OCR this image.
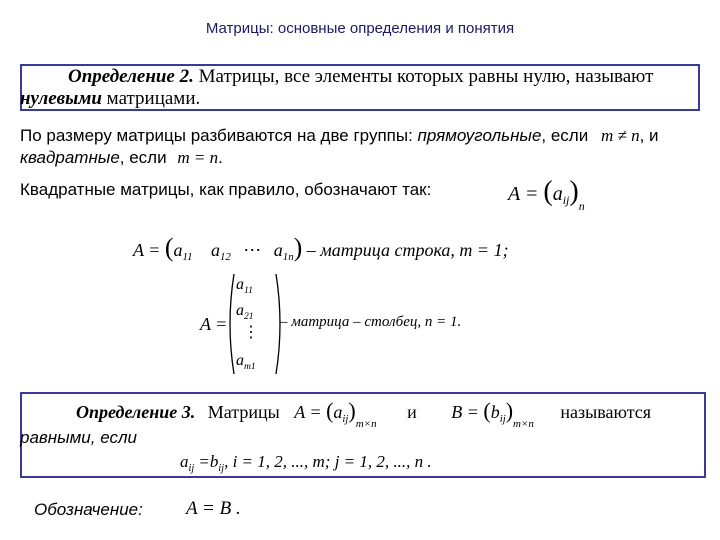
Матрицы: основные определения и понятия
Определение 2. Матрицы, все элементы которых равны нулю, называют
нулевыми матрицами.
По размеру матрицы разбиваются на две группы: прямоугольные, если m ≠ n, и
квадратные, если m = n.
Квадратные матрицы, как правило, обозначают так:	$A = (a_{ij})_n$
$A = (a_{11}$ $a_{12}$ ⋯ $a_{1n}$) – матрица строка, m = 1;
A =
$a_{11}$
$a_{21}$
⋮
$a_{m1}$
– матрица – столбец, n = 1.
Определение 3. Матрицы $A = (a_{ij})_{m\times n}$ и $B = (b_{ij})_{m\times n}$ называются
равными, если
$a_{ij} =b_{ij}$, i = 1, 2, ..., m; j = 1, 2, ..., n .
Обозначение: A = B .
